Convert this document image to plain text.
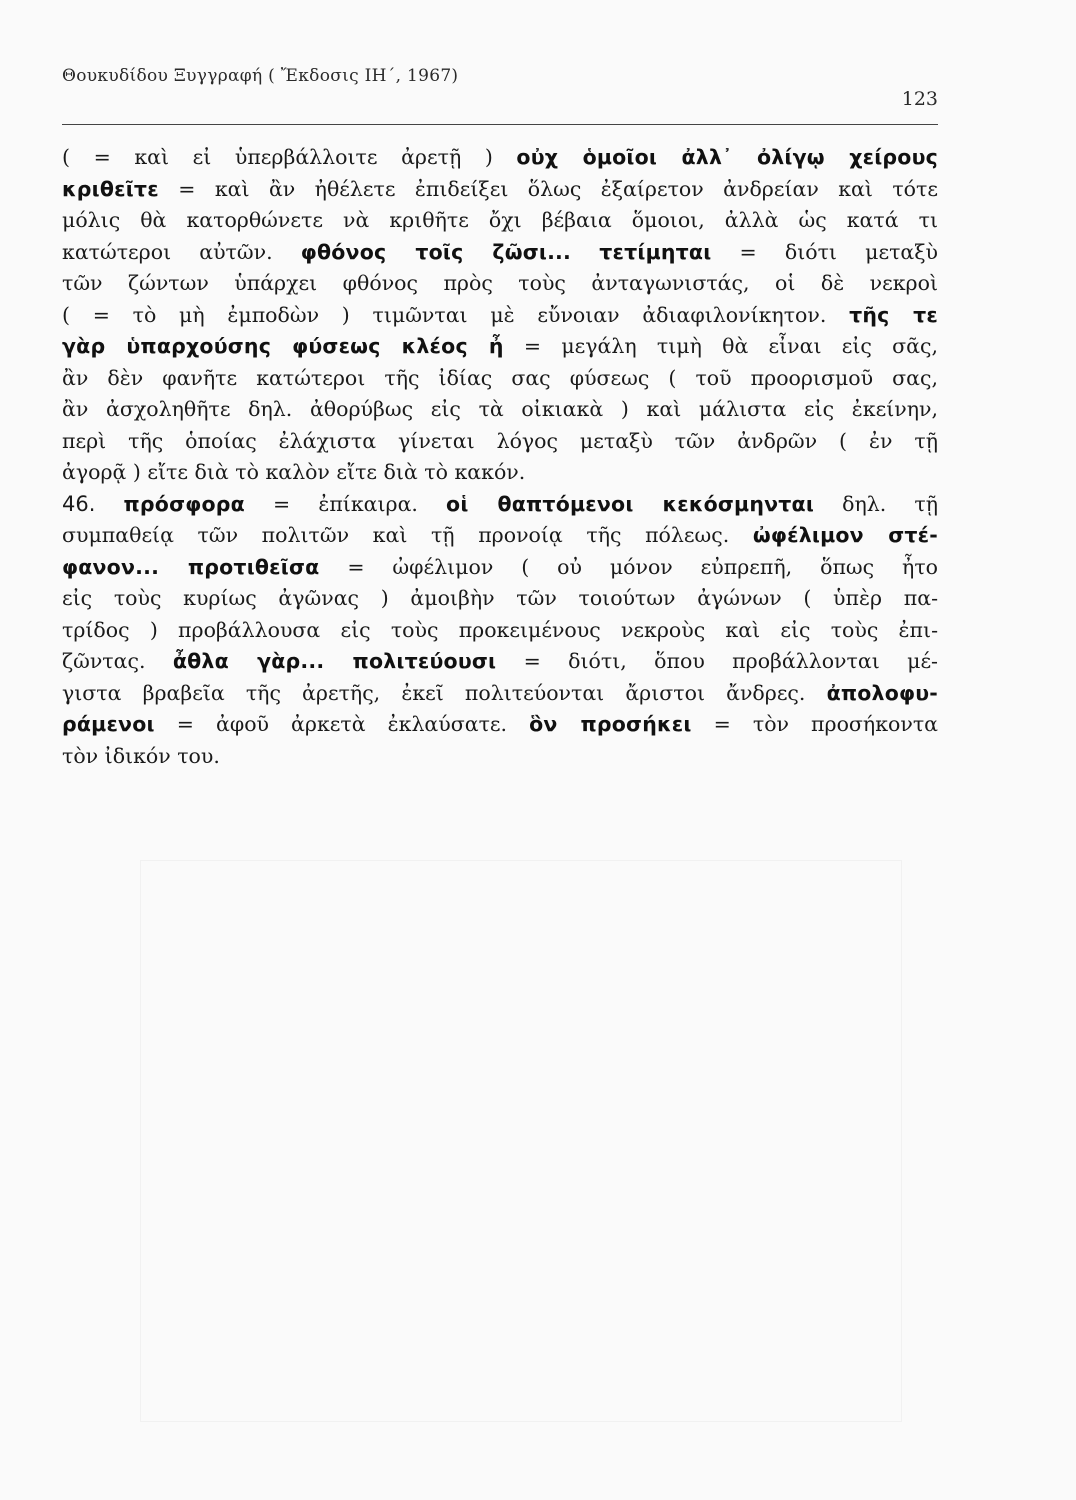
Θουκυδίδου Ξυγγραφή ( Ἔκδοσις ΙΗ΄, 1967)
123
( = καὶ εἰ ὑπερβάλλοιτε ἀρετῇ ) οὐχ ὁμοῖοι ἀλλ᾽ ὀλίγῳ χείρους
κριθεῖτε = καὶ ἂν ἠθέλετε ἐπιδείξει ὅλως ἐξαίρετον ἀνδρείαν καὶ τότε
μόλις θὰ κατορθώνετε νὰ κριθῆτε ὄχι βέβαια ὅμοιοι, ἀλλὰ ὡς κατά τι
κατώτεροι αὐτῶν. φθόνος τοῖς ζῶσι... τετίμηται = διότι μεταξὺ
τῶν ζώντων ὑπάρχει φθόνος πρὸς τοὺς ἀνταγωνιστάς, οἱ δὲ νεκροὶ
( = τὸ μὴ ἐμποδὼν ) τιμῶνται μὲ εὔνοιαν ἀδιαφιλονίκητον. τῆς τε
γὰρ ὑπαρχούσης φύσεως κλέος ἦ = μεγάλη τιμὴ θὰ εἶναι εἰς σᾶς,
ἂν δὲν φανῆτε κατώτεροι τῆς ἰδίας σας φύσεως ( τοῦ προορισμοῦ σας,
ἂν ἀσχοληθῆτε δηλ. ἀθορύβως εἰς τὰ οἰκιακὰ ) καὶ μάλιστα εἰς ἐκείνην,
περὶ τῆς ὁποίας ἐλάχιστα γίνεται λόγος μεταξὺ τῶν ἀνδρῶν ( ἐν τῇ
ἀγορᾷ ) εἴτε διὰ τὸ καλὸν εἴτε διὰ τὸ κακόν.
46. πρόσφορα = ἐπίκαιρα. οἱ θαπτόμενοι κεκόσμηνται δηλ. τῇ
συμπαθείᾳ τῶν πολιτῶν καὶ τῇ προνοίᾳ τῆς πόλεως. ὠφέλιμον στέ-
φανον... προτιθεῖσα = ὠφέλιμον ( οὐ μόνον εὐπρεπῆ, ὅπως ἦτο
εἰς τοὺς κυρίως ἀγῶνας ) ἀμοιβὴν τῶν τοιούτων ἀγώνων ( ὑπὲρ πα-
τρίδος ) προβάλλουσα εἰς τοὺς προκειμένους νεκροὺς καὶ εἰς τοὺς ἐπι-
ζῶντας. ἆθλα γὰρ... πολιτεύουσι = διότι, ὅπου προβάλλονται μέ-
γιστα βραβεῖα τῆς ἀρετῆς, ἐκεῖ πολιτεύονται ἄριστοι ἄνδρες. ἀπολοφυ-
ράμενοι = ἀφοῦ ἀρκετὰ ἐκλαύσατε. ὃν προσήκει = τὸν προσήκοντα
τὸν ἰδικόν του.
